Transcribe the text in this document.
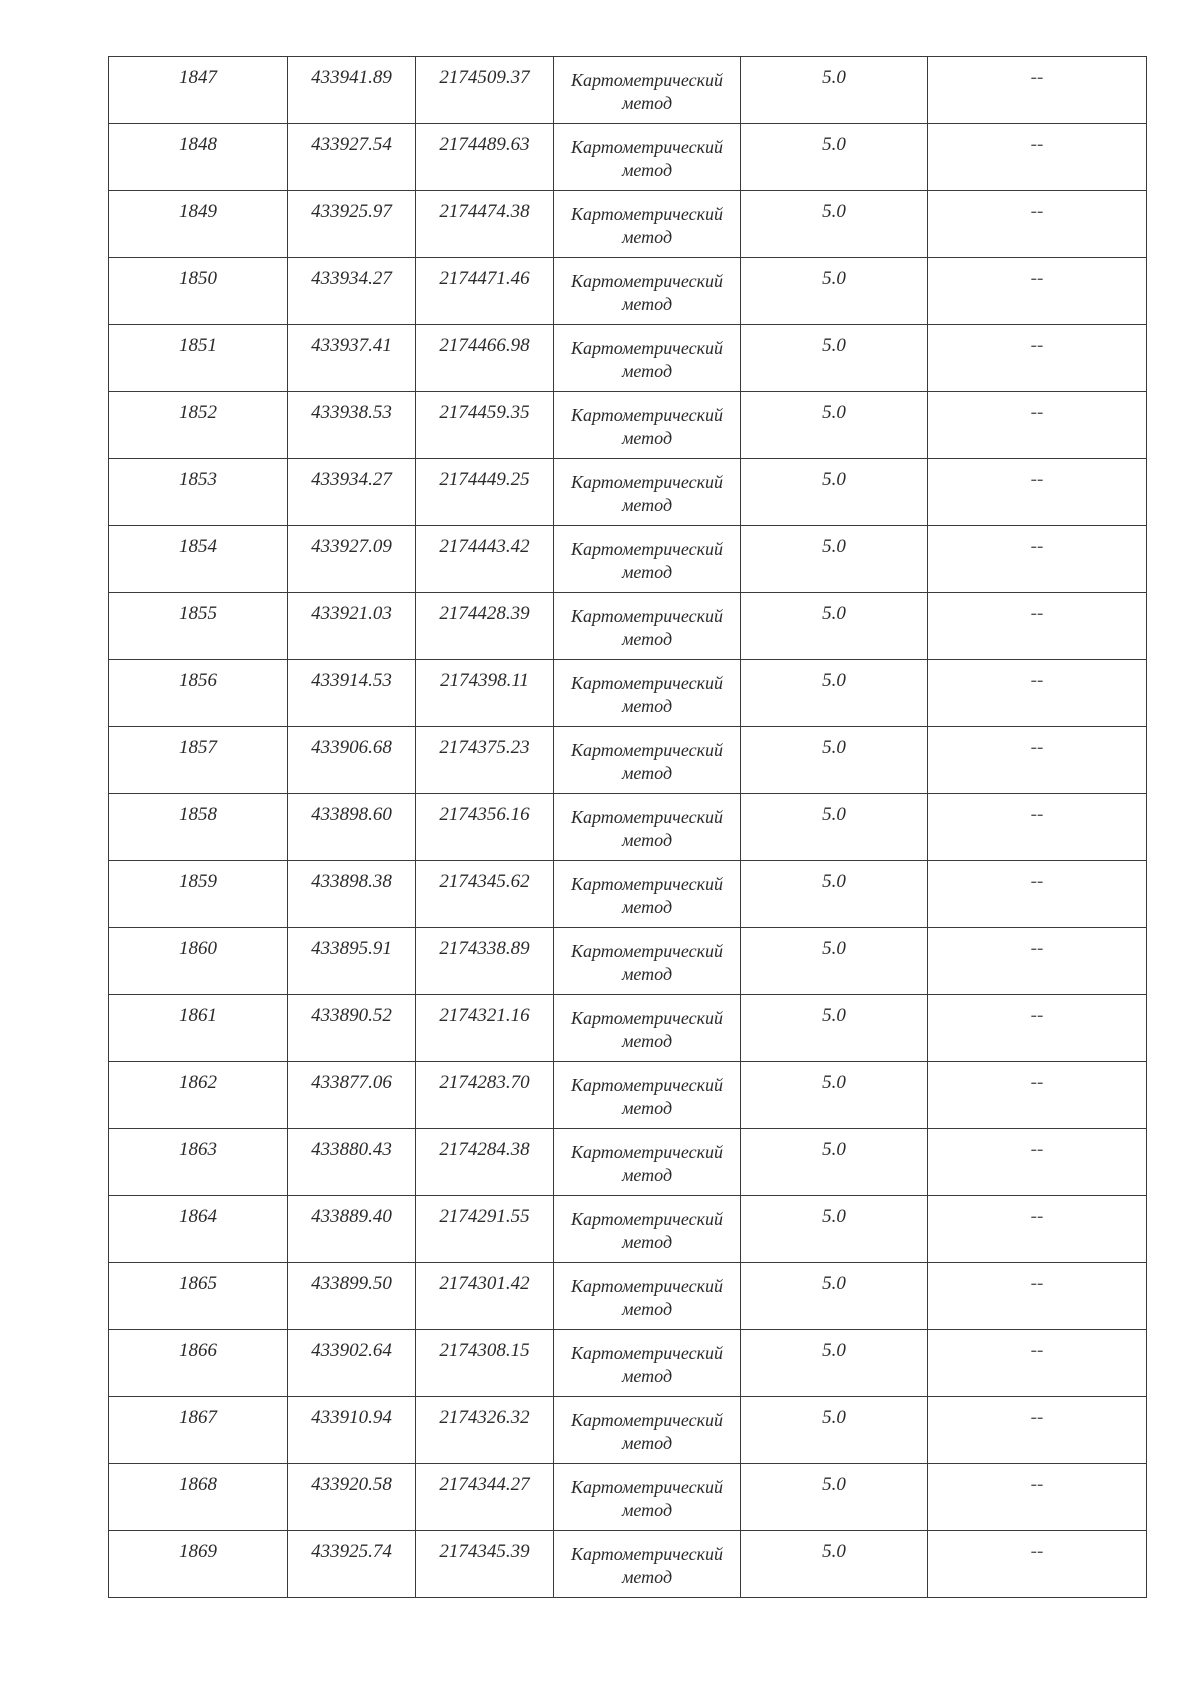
1847	433941.89	2174509.37	Картометрический
метод	5.0	--

1848	433927.54	2174489.63	Картометрический
метод	5.0	--

1849	433925.97	2174474.38	Картометрический
метод	5.0	--

1850	433934.27	2174471.46	Картометрический
метод	5.0	--

1851	433937.41	2174466.98	Картометрический
метод	5.0	--

1852	433938.53	2174459.35	Картометрический
метод	5.0	--

1853	433934.27	2174449.25	Картометрический
метод	5.0	--

1854	433927.09	2174443.42	Картометрический
метод	5.0	--

1855	433921.03	2174428.39	Картометрический
метод	5.0	--

1856	433914.53	2174398.11	Картометрический
метод	5.0	--

1857	433906.68	2174375.23	Картометрический
метод	5.0	--

1858	433898.60	2174356.16	Картометрический
метод	5.0	--

1859	433898.38	2174345.62	Картометрический
метод	5.0	--

1860	433895.91	2174338.89	Картометрический
метод	5.0	--

1861	433890.52	2174321.16	Картометрический
метод	5.0	--

1862	433877.06	2174283.70	Картометрический
метод	5.0	--

1863	433880.43	2174284.38	Картометрический
метод	5.0	--

1864	433889.40	2174291.55	Картометрический
метод	5.0	--

1865	433899.50	2174301.42	Картометрический
метод	5.0	--

1866	433902.64	2174308.15	Картометрический
метод	5.0	--

1867	433910.94	2174326.32	Картометрический
метод	5.0	--

1868	433920.58	2174344.27	Картометрический
метод	5.0	--

1869	433925.74	2174345.39	Картометрический
метод	5.0	--
